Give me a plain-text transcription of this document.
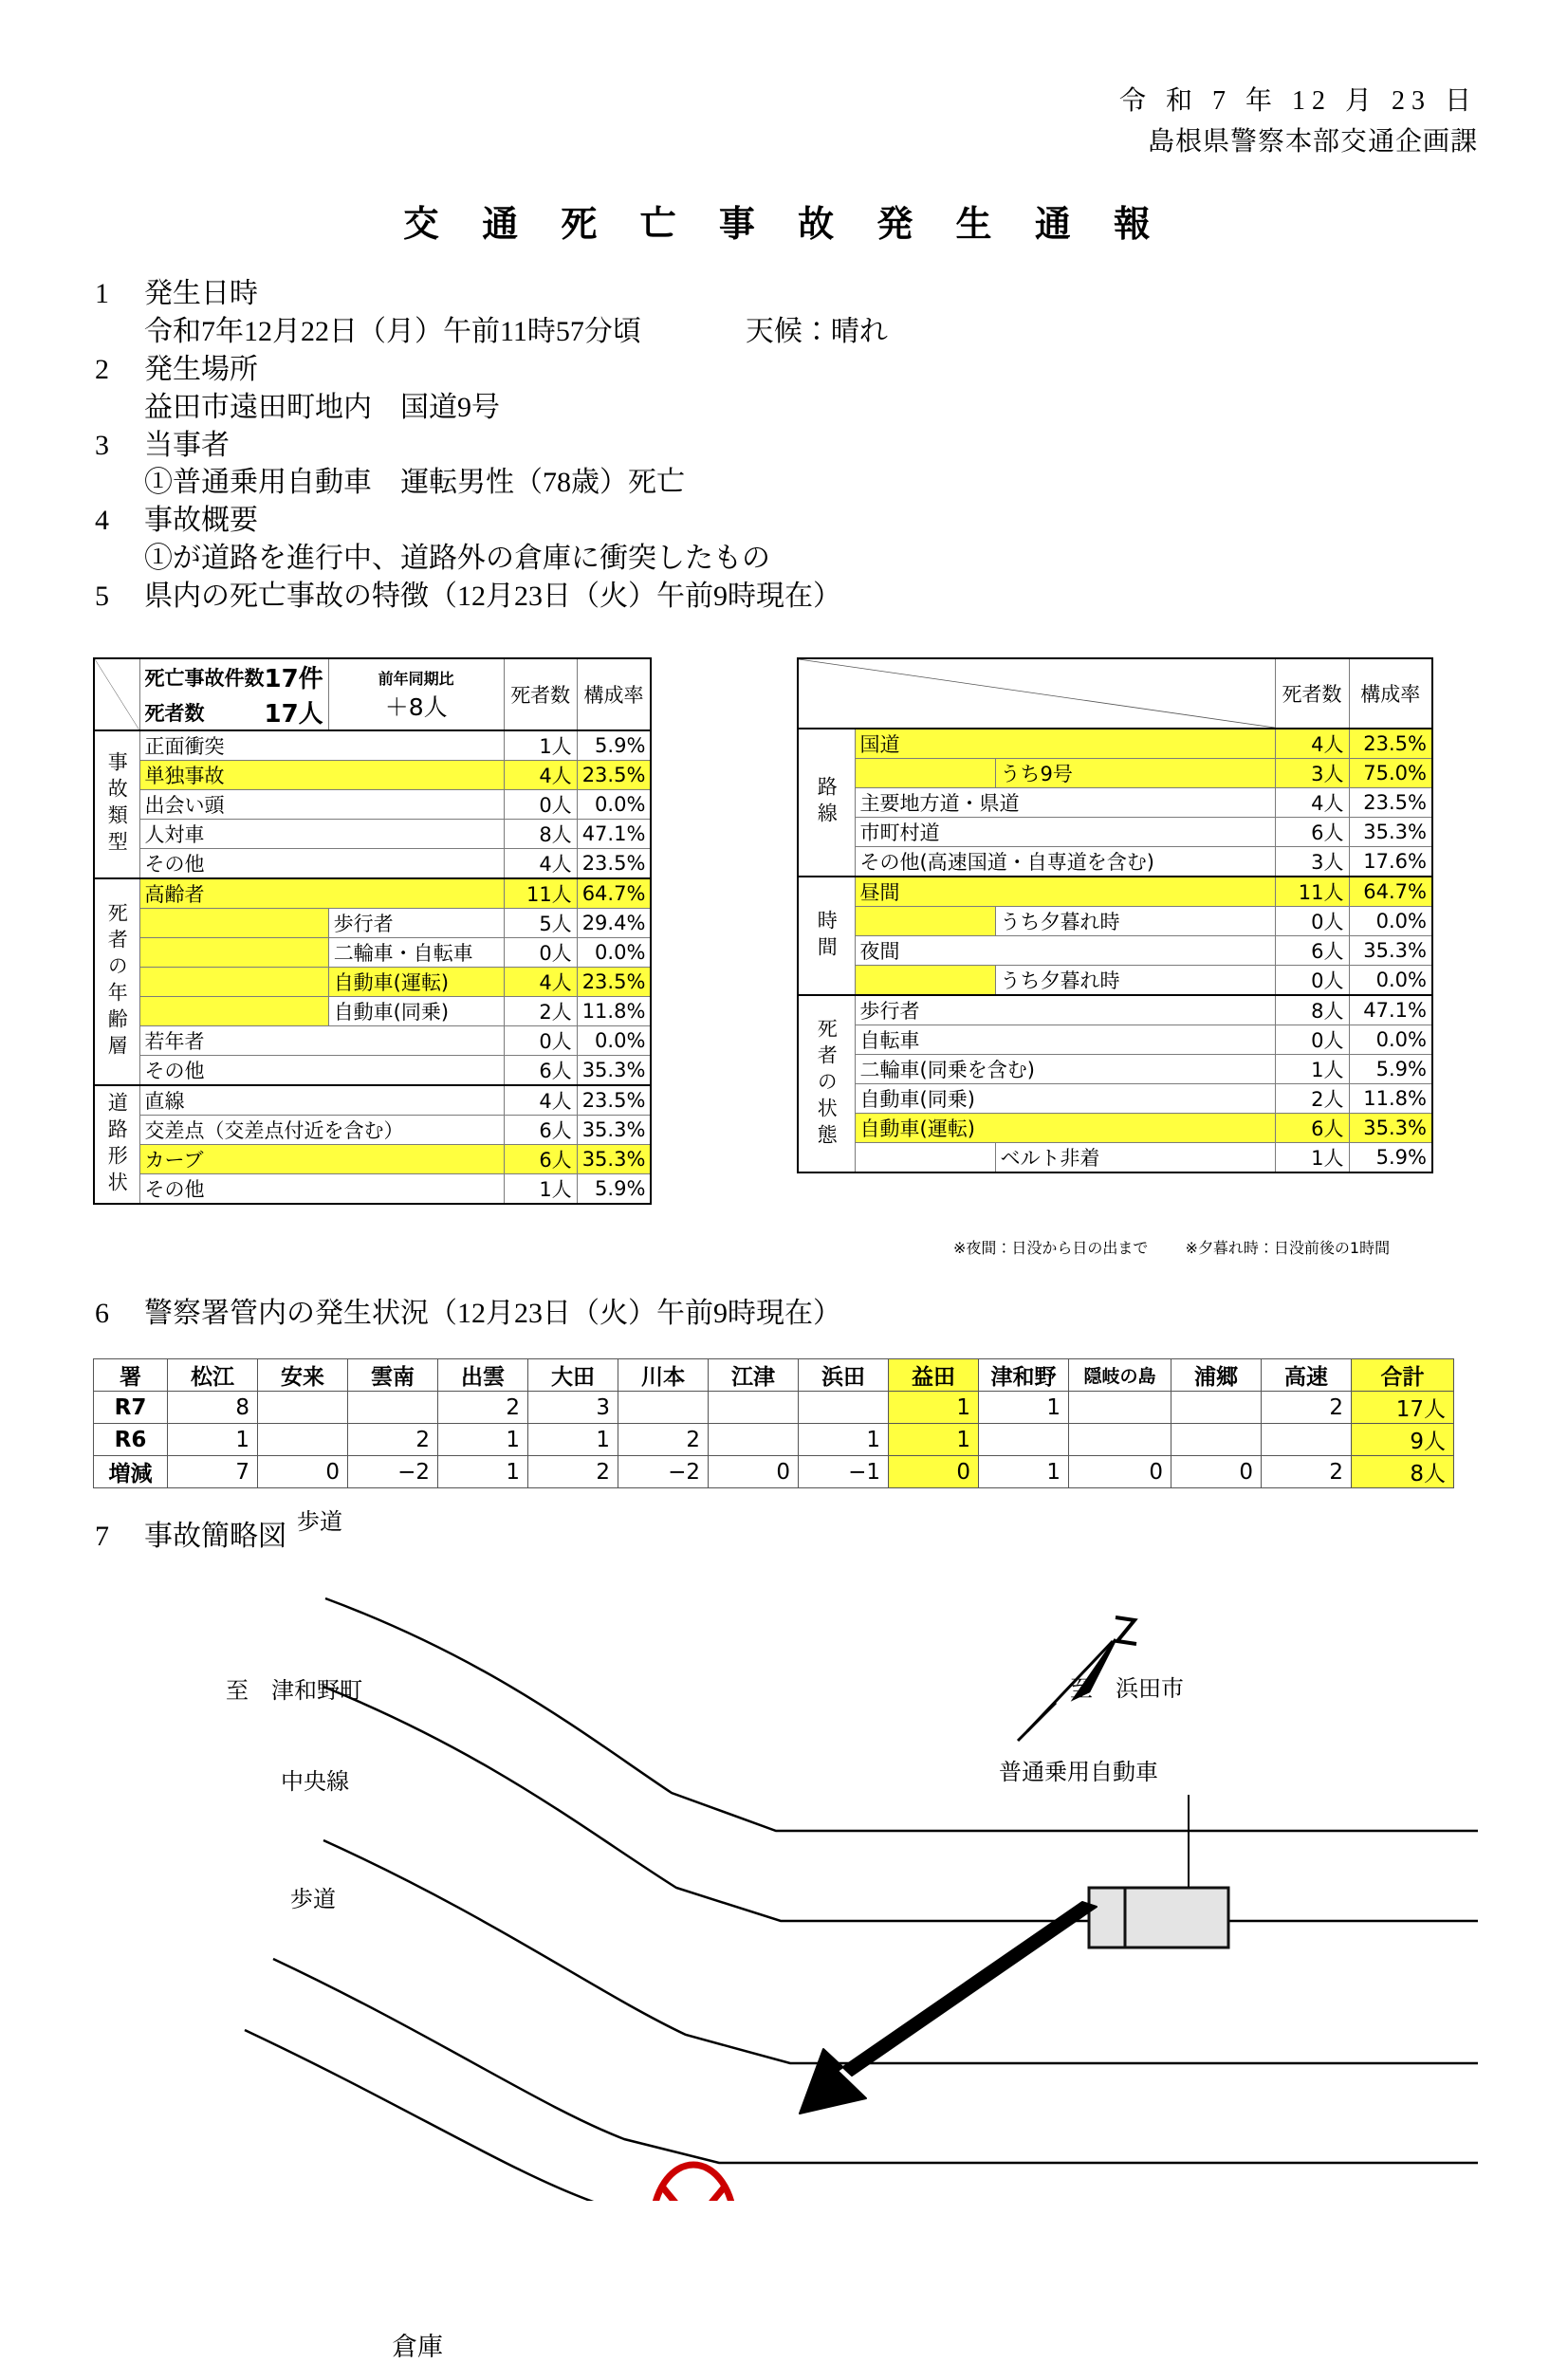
令 和 7 年 12 月 23 日
島根県警察本部交通企画課
交 通 死 亡 事 故 発 生 通 報
1	発生日時
令和7年12月22日（月）午前11時57分頃	天候：晴れ
2	発生場所
益田市遠田町地内　国道9号
3	当事者
①普通乗用自動車　運転男性（78歳）死亡
4	事故概要
①が道路を進行中、道路外の倉庫に衝突したもの
5	県内の死亡事故の特徴（12月23日（火）午前9時現在）

死亡事故件数 17件
死者数 17人

前年同期比
＋8人	死者数	構成率
事故類型	正面衝突		1人	5.9%
	単独事故		4人	23.5%
	出会い頭		0人	0.0%
	人対車		8人	47.1%
	その他		4人	23.5%
死者の年齢層	高齢者		11人	64.7%
		歩行者	5人	29.4%
		二輪車・自転車	0人	0.0%
		自動車(運転)	4人	23.5%
		自動車(同乗)	2人	11.8%
	若年者		0人	0.0%
	その他		6人	35.3%
道路形状	直線		4人	23.5%
	交差点（交差点付近を含む）		6人	35.3%
	カーブ		6人	35.3%
	その他		1人	5.9%
	死者数	構成率
路線	国道		4人	23.5%
		うち9号	3人	75.0%
	主要地方道・県道		4人	23.5%
	市町村道		6人	35.3%
	その他(高速国道・自専道を含む)		3人	17.6%
時間	昼間		11人	64.7%
		うち夕暮れ時	0人	0.0%
	夜間		6人	35.3%
		うち夕暮れ時	0人	0.0%
死者の状態	歩行者		8人	47.1%
	自転車		0人	0.0%
	二輪車(同乗を含む)		1人	5.9%
	自動車(同乗)		2人	11.8%
	自動車(運転)		6人	35.3%
		ベルト非着	1人	5.9%
※夜間：日没から日の出まで ※夕暮れ時：日没前後の1時間
6	警察署管内の発生状況（12月23日（火）午前9時現在）
署	松江	安来	雲南	出雲	大田	川本	江津	浜田	益田	津和野	隠岐の島	浦郷	高速	合計
R7	8			2	3				1	1			2	17人
R6	1		2	1	1	2		1	1					9人
増減	7	0	−2	1	2	−2	0	−1	0	1	0	0	2	8人
7	事故簡略図 歩道
至　津和野町	至　浜田市
中央線
歩道
普通乗用自動車
倉庫
